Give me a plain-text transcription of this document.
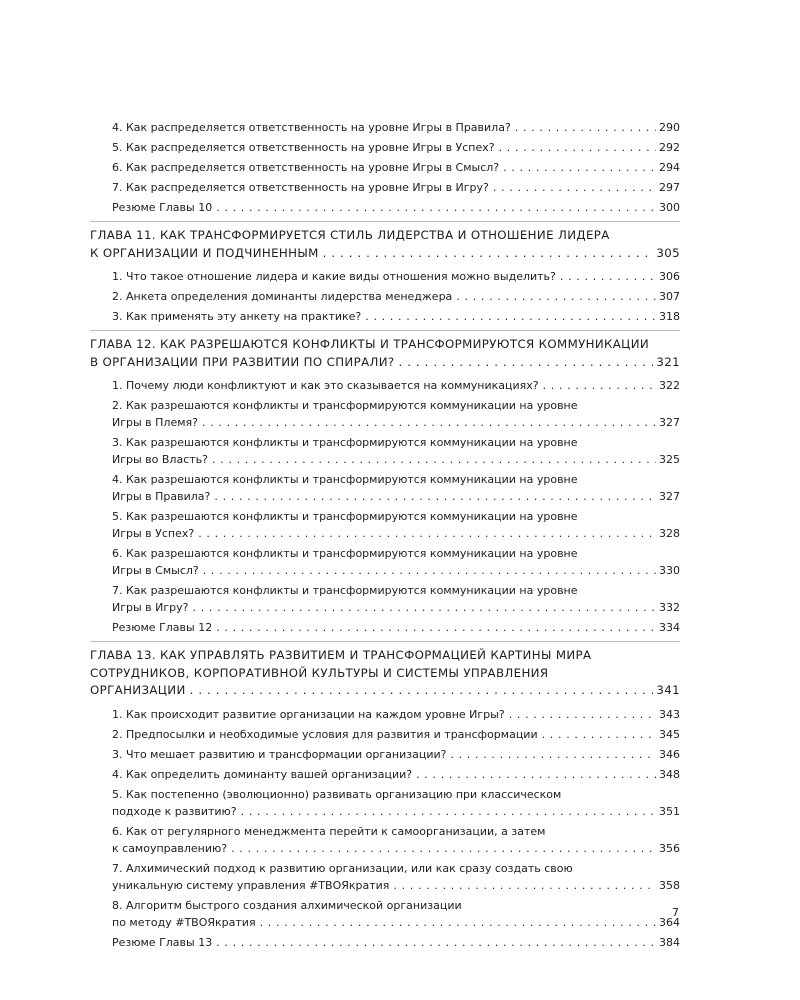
4. Как распределяется ответственность на уровне Игры в Правила? . . .	290
5. Как распределяется ответственность на уровне Игры в Успех? . . .	292
6. Как распределяется ответственность на уровне Игры в Смысл? . . .	294
7. Как распределяется ответственность на уровне Игры в Игру? . . .	297
Резюме Главы 10 . . .	300
ГЛАВА 11. КАК ТРАНСФОРМИРУЕТСЯ СТИЛЬ ЛИДЕРСТВА И ОТНОШЕНИЕ ЛИДЕРА
К ОРГАНИЗАЦИИ И ПОДЧИНЕННЫМ . . .	305
1. Что такое отношение лидера и какие виды отношения можно выделить? . . .	306
2. Анкета определения доминанты лидерства менеджера . . .	307
3. Как применять эту анкету на практике? . . .	318
ГЛАВА 12. КАК РАЗРЕШАЮТСЯ КОНФЛИКТЫ И ТРАНСФОРМИРУЮТСЯ КОММУНИКАЦИИ
В ОРГАНИЗАЦИИ ПРИ РАЗВИТИИ ПО СПИРАЛИ? . . .	321
1. Почему люди конфликтуют и как это сказывается на коммуникациях? . . .	322
2. Как разрешаются конфликты и трансформируются коммуникации на уровне
Игры в Племя? . . .	327
3. Как разрешаются конфликты и трансформируются коммуникации на уровне
Игры во Власть? . . .	325
4. Как разрешаются конфликты и трансформируются коммуникации на уровне
Игры в Правила? . . .	327
5. Как разрешаются конфликты и трансформируются коммуникации на уровне
Игры в Успех? . . .	328
6. Как разрешаются конфликты и трансформируются коммуникации на уровне
Игры в Смысл? . . .	330
7. Как разрешаются конфликты и трансформируются коммуникации на уровне
Игры в Игру? . . .	332
Резюме Главы 12 . . .	334
ГЛАВА 13. КАК УПРАВЛЯТЬ РАЗВИТИЕМ И ТРАНСФОРМАЦИЕЙ КАРТИНЫ МИРА
СОТРУДНИКОВ, КОРПОРАТИВНОЙ КУЛЬТУРЫ И СИСТЕМЫ УПРАВЛЕНИЯ
ОРГАНИЗАЦИИ . . .	341
1. Как происходит развитие организации на каждом уровне Игры? . . .	343
2. Предпосылки и необходимые условия для развития и трансформации . . .	345
3. Что мешает развитию и трансформации организации? . . .	346
4. Как определить доминанту вашей организации? . . .	348
5. Как постепенно (эволюционно) развивать организацию при классическом
подходе к развитию? . . .	351
6. Как от регулярного менеджмента перейти к самоорганизации, а затем
к самоуправлению? . . .	356
7. Алхимический подход к развитию организации, или как сразу создать свою
уникальную систему управления #ТВОЯкратия . . .	358
8. Алгоритм быстрого создания алхимической организации
по методу #ТВОЯкратия . . .	364
Резюме Главы 13 . . .	384
7
